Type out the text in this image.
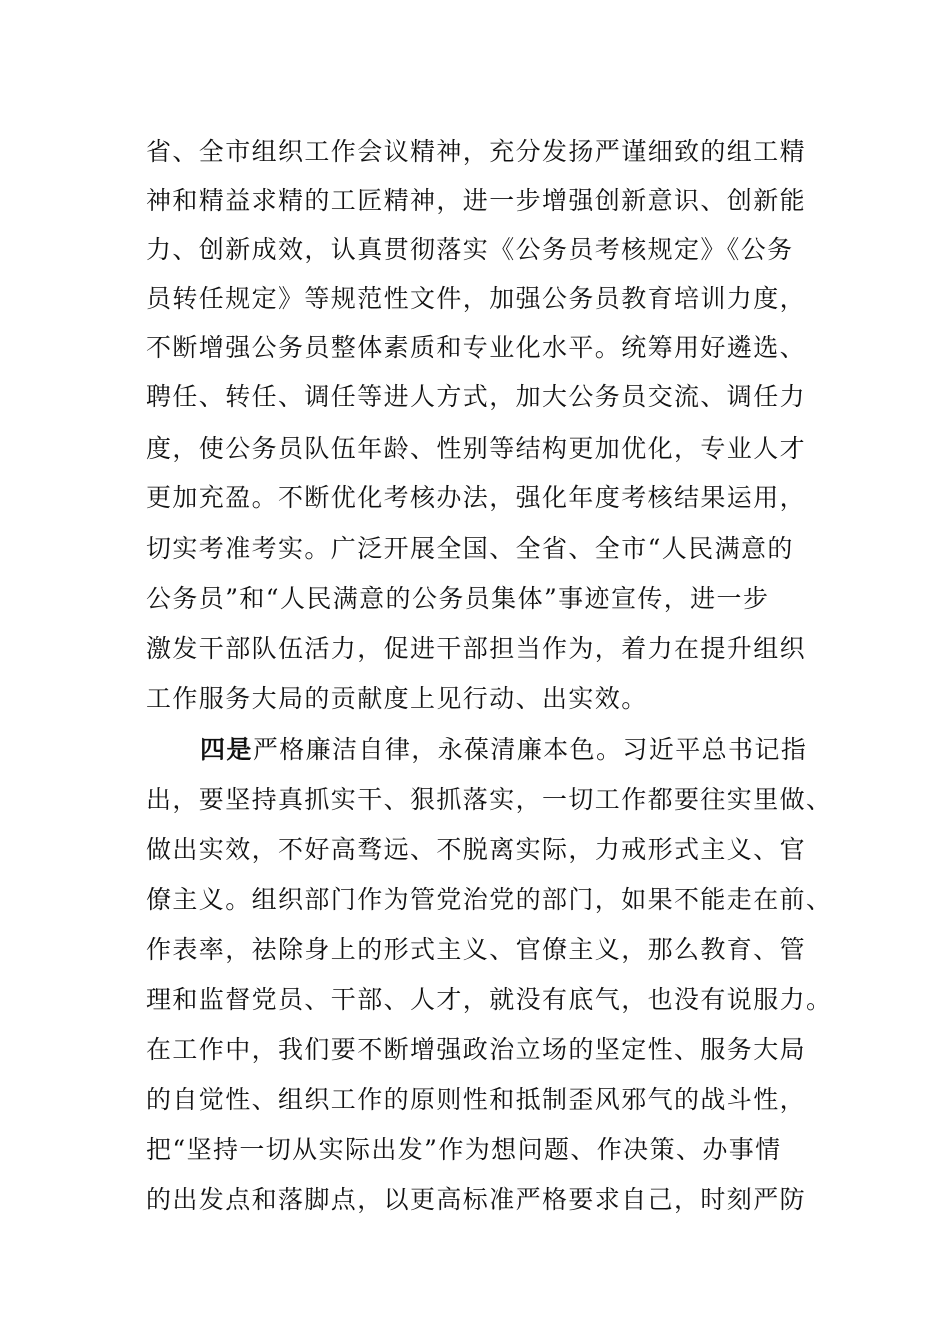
省、全市组织工作会议精神，充分发扬严谨细致的组工精
神和精益求精的工匠精神，进一步增强创新意识、创新能
力、创新成效，认真贯彻落实《公务员考核规定》《公务
员转任规定》等规范性文件，加强公务员教育培训力度，
不断增强公务员整体素质和专业化水平。统筹用好遴选、
聘任、转任、调任等进人方式，加大公务员交流、调任力
度，使公务员队伍年龄、性别等结构更加优化，专业人才
更加充盈。不断优化考核办法，强化年度考核结果运用，
切实考准考实。广泛开展全国、全省、全市“人民满意的
公务员”和“人民满意的公务员集体”事迹宣传，进一步
激发干部队伍活力，促进干部担当作为，着力在提升组织
工作服务大局的贡献度上见行动、出实效。
四是严格廉洁自律，永葆清廉本色。习近平总书记指
出，要坚持真抓实干、狠抓落实，一切工作都要往实里做、
做出实效，不好高骛远、不脱离实际，力戒形式主义、官
僚主义。组织部门作为管党治党的部门，如果不能走在前、
作表率，祛除身上的形式主义、官僚主义，那么教育、管
理和监督党员、干部、人才，就没有底气，也没有说服力。
在工作中，我们要不断增强政治立场的坚定性、服务大局
的自觉性、组织工作的原则性和抵制歪风邪气的战斗性，
把“坚持一切从实际出发”作为想问题、作决策、办事情
的出发点和落脚点，以更高标准严格要求自己，时刻严防
